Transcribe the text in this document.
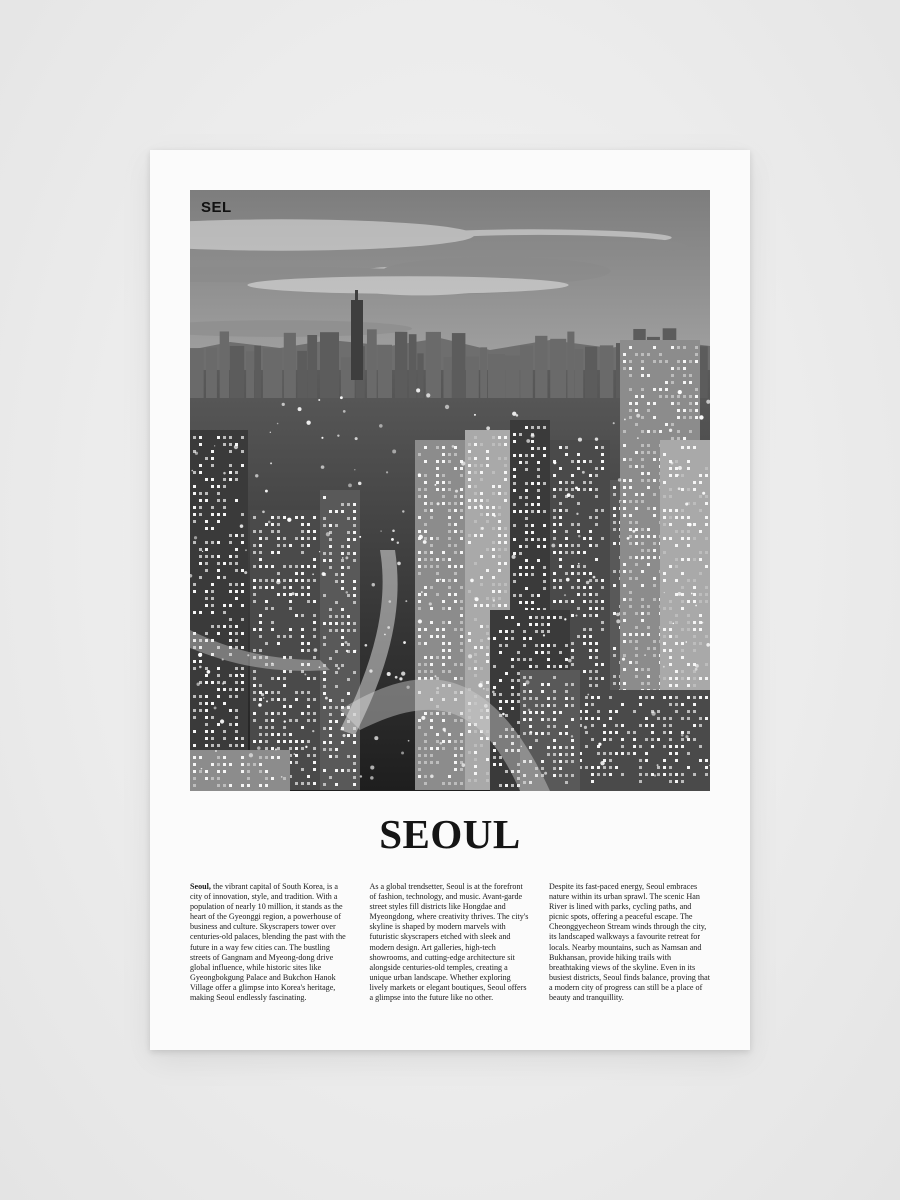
SEL
SEOUL
Seoul, the vibrant capital of South Korea, is a city of innovation, style, and tradition. With a population of nearly 10 million, it stands as the heart of the Gyeonggi region, a powerhouse of business and culture. Skyscrapers tower over centuries-old palaces, blending the past with the future in a way few cities can. The bustling streets of Gangnam and Myeong-dong drive global influence, while historic sites like Gyeongbokgung Palace and Bukchon Hanok Village offer a glimpse into Korea's heritage, making Seoul endlessly fascinating.
As a global trendsetter, Seoul is at the forefront of fashion, technology, and music. Avant-garde street styles fill districts like Hongdae and Myeongdong, where creativity thrives. The city's skyline is shaped by modern marvels with futuristic skyscrapers etched with sleek and modern design. Art galleries, high-tech showrooms, and cutting-edge architecture sit alongside centuries-old temples, creating a unique urban landscape. Whether exploring lively markets or elegant boutiques, Seoul offers a glimpse into the future like no other.
Despite its fast-paced energy, Seoul embraces nature within its urban sprawl. The scenic Han River is lined with parks, cycling paths, and picnic spots, offering a peaceful escape. The Cheonggyecheon Stream winds through the city, its landscaped walkways a favourite retreat for locals. Nearby mountains, such as Namsan and Bukhansan, provide hiking trails with breathtaking views of the skyline. Even in its busiest districts, Seoul finds balance, proving that a modern city of progress can still be a place of beauty and tranquillity.
